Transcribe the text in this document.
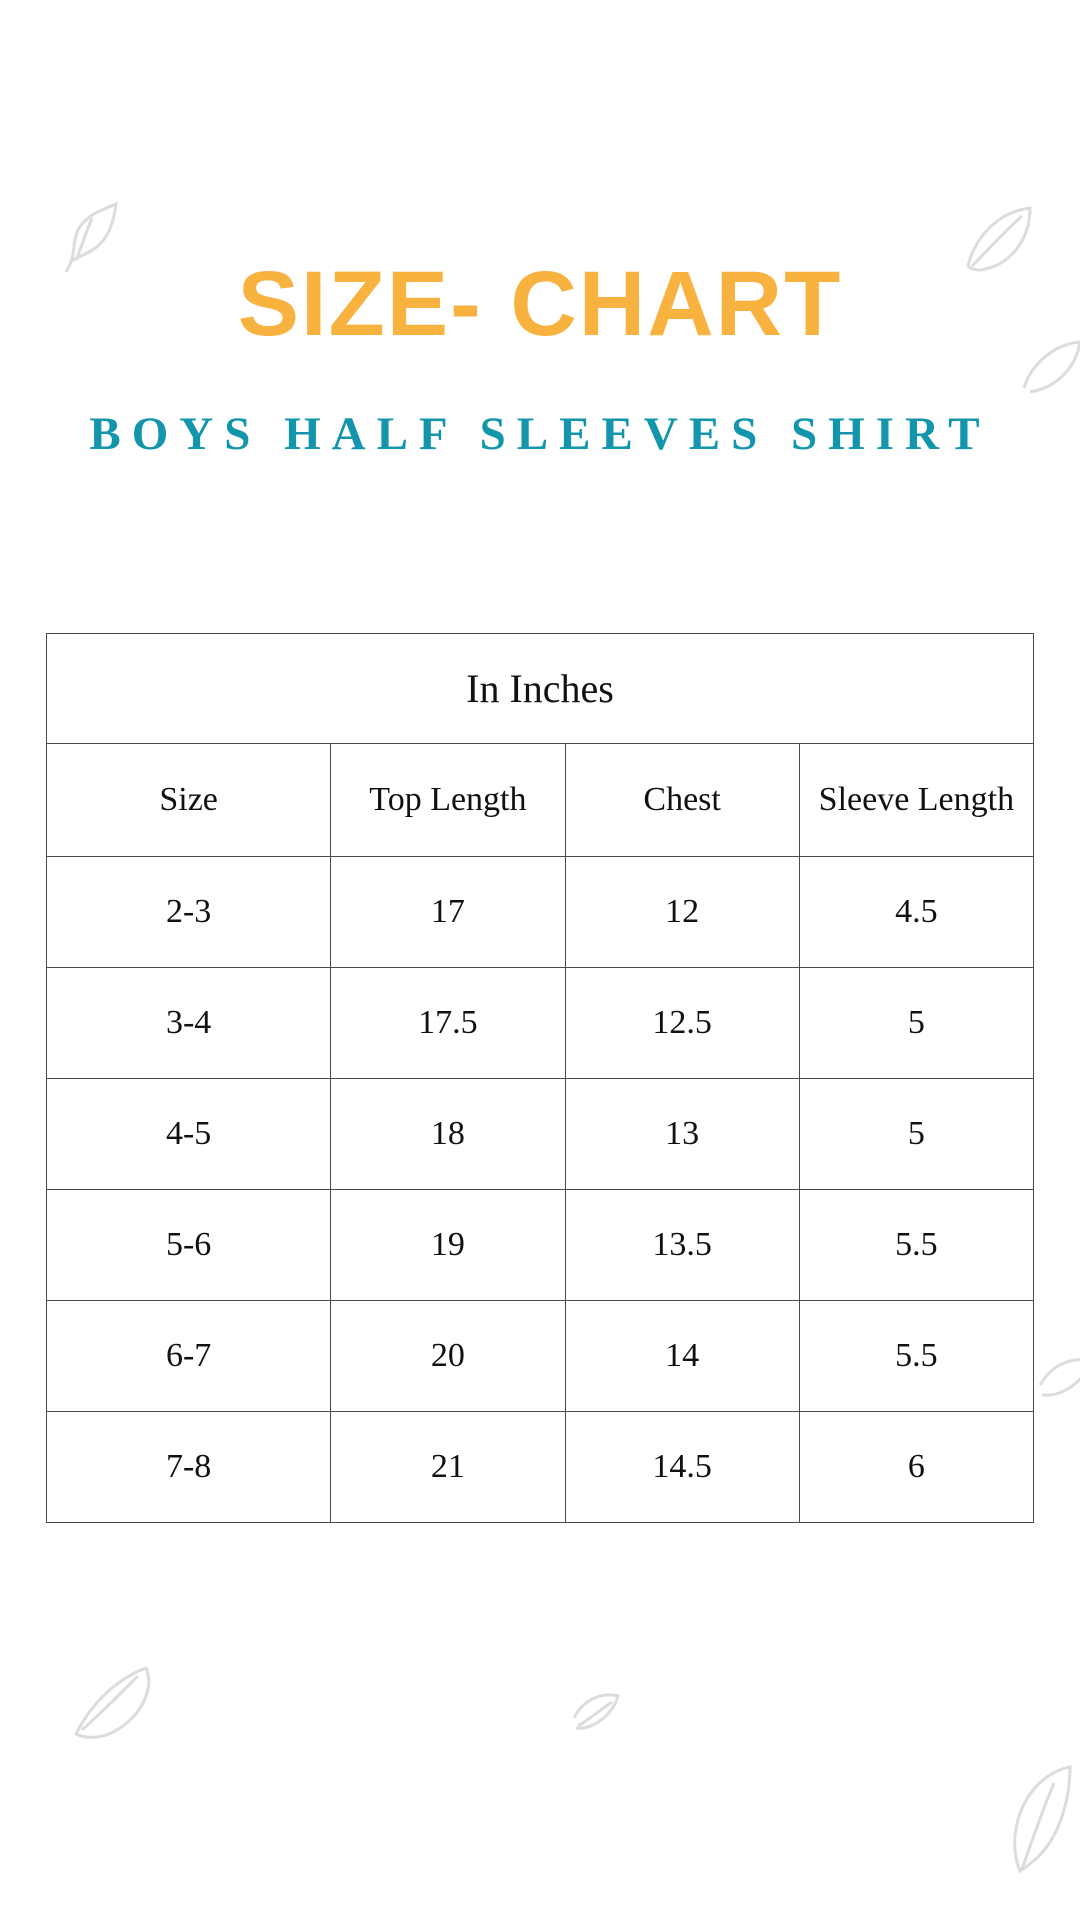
SIZE- CHART
BOYS HALF SLEEVES SHIRT
In Inches			
Size	Top Length	Chest	Sleeve Length
2-3	17	12	4.5
3-4	17.5	12.5	5
4-5	18	13	5
5-6	19	13.5	5.5
6-7	20	14	5.5
7-8	21	14.5	6
